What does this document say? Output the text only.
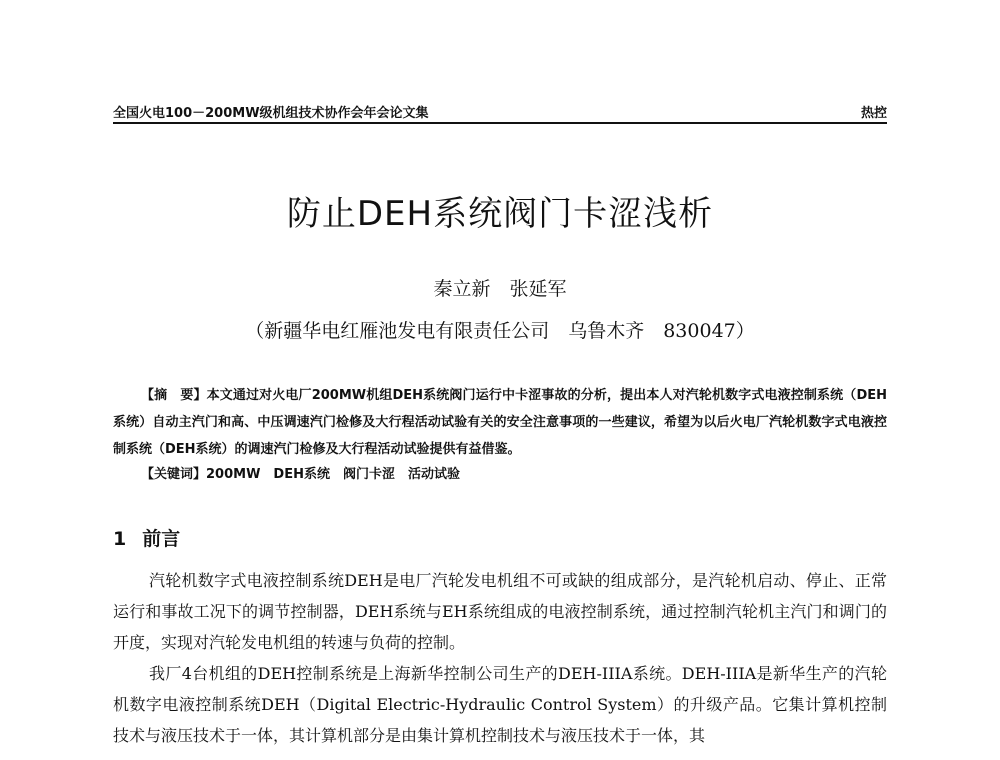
全国火电100－200MW级机组技术协作会年会论文集	热控
防止DEH系统阀门卡涩浅析
秦立新　张延军
（新疆华电红雁池发电有限责任公司　乌鲁木齐　830047）

【摘　要】本文通过对火电厂200MW机组DEH系统阀门运行中卡涩事故的分析，提出本人对汽轮机数字式电液控制系统（DEH系统）自动主汽门和高、中压调速汽门检修及大行程活动试验有关的安全注意事项的一些建议，希望为以后火电厂汽轮机数字式电液控制系统（DEH系统）的调速汽门检修及大行程活动试验提供有益借鉴。

【关键词】200MW　DEH系统　阀门卡涩　活动试验

1 前言

汽轮机数字式电液控制系统DEH是电厂汽轮发电机组不可或缺的组成部分，是汽轮机启动、停止、正常运行和事故工况下的调节控制器，DEH系统与EH系统组成的电液控制系统，通过控制汽轮机主汽门和调门的开度，实现对汽轮发电机组的转速与负荷的控制。

我厂4台机组的DEH控制系统是上海新华控制公司生产的DEH-IIIA系统。DEH-IIIA是新华生产的汽轮机数字电液控制系统DEH（Digital Electric-Hydraulic Control System）的升级产品。它集计算机控制技术与液压技术于一体，其计算机部分是由集计算机控制技术与液压技术于一体，其
